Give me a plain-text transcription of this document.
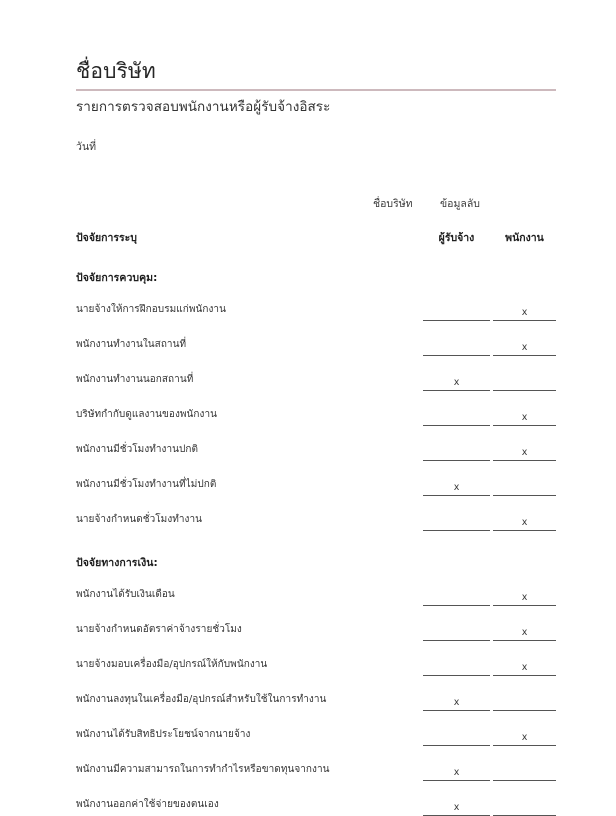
ชื่อบริษัท
รายการตรวจสอบพนักงานหรือผู้รับจ้างอิสระ
วันที่
ชื่อบริษัท	ข้อมูลลับ
ปัจจัยการระบุ	ผู้รับจ้าง		พนักงาน
ปัจจัยการควบคุม:			
นายจ้างให้การฝึกอบรมแก่พนักงาน			x

พนักงานทำงานในสถานที่			x

พนักงานทำงานนอกสถานที่	x		

บริษัทกำกับดูแลงานของพนักงาน			x

พนักงานมีชั่วโมงทำงานปกติ			x

พนักงานมีชั่วโมงทำงานที่ไม่ปกติ	x		

นายจ้างกำหนดชั่วโมงทำงาน			x

ปัจจัยทางการเงิน:			
พนักงานได้รับเงินเดือน			x

นายจ้างกำหนดอัตราค่าจ้างรายชั่วโมง			x

นายจ้างมอบเครื่องมือ/อุปกรณ์ให้กับพนักงาน			x

พนักงานลงทุนในเครื่องมือ/อุปกรณ์สำหรับใช้ในการทำงาน	x		

พนักงานได้รับสิทธิประโยชน์จากนายจ้าง			x

พนักงานมีความสามารถในการทำกำไรหรือขาดทุนจากงาน	x		

พนักงานออกค่าใช้จ่ายของตนเอง	x		
